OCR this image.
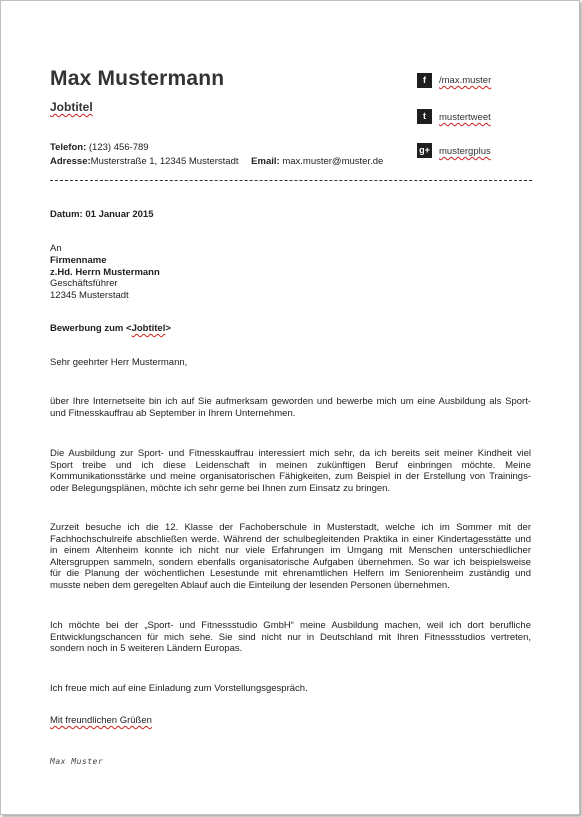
Max Mustermann
Jobtitel
Telefon: (123) 456-789
Adresse:Musterstraße 1, 12345 Musterstadt Email: max.muster@muster.de
f	/max.muster
t	mustertweet
g+ mustergplus
Datum: 01 Januar 2015
An
Firmenname
z.Hd. Herrn Mustermann
Geschäftsführer
12345 Musterstadt
Bewerbung zum <Jobtitel>
Sehr geehrter Herr Mustermann,
über Ihre Internetseite bin ich auf Sie aufmerksam geworden und bewerbe mich um eine Ausbildung als Sport-
und Fitnesskauffrau ab September in Ihrem Unternehmen.
Die Ausbildung zur Sport- und Fitnesskauffrau interessiert mich sehr, da ich bereits seit meiner Kindheit viel
Sport treibe und ich diese Leidenschaft in meinen zukünftigen Beruf einbringen möchte. Meine
Kommunikationsstärke und meine organisatorischen Fähigkeiten, zum Beispiel in der Erstellung von Trainings-
oder Belegungsplänen, möchte ich sehr gerne bei Ihnen zum Einsatz zu bringen.
Zurzeit besuche ich die 12. Klasse der Fachoberschule in Musterstadt, welche ich im Sommer mit der
Fachhochschulreife abschließen werde. Während der schulbegleitenden Praktika in einer Kindertagesstätte und
in einem Altenheim konnte ich nicht nur viele Erfahrungen im Umgang mit Menschen unterschiedlicher
Altersgruppen sammeln, sondern ebenfalls organisatorische Aufgaben übernehmen. So war ich beispielsweise
für die Planung der wöchentlichen Lesestunde mit ehrenamtlichen Helfern im Seniorenheim zuständig und
musste neben dem geregelten Ablauf auch die Einteilung der lesenden Personen übernehmen.
Ich möchte bei der „Sport- und Fitnessstudio GmbH“ meine Ausbildung machen, weil ich dort berufliche
Entwicklungschancen für mich sehe. Sie sind nicht nur in Deutschland mit Ihren Fitnessstudios vertreten,
sondern noch in 5 weiteren Ländern Europas.
Ich freue mich auf eine Einladung zum Vorstellungsgespräch.
Mit freundlichen Grüßen
Max Muster
